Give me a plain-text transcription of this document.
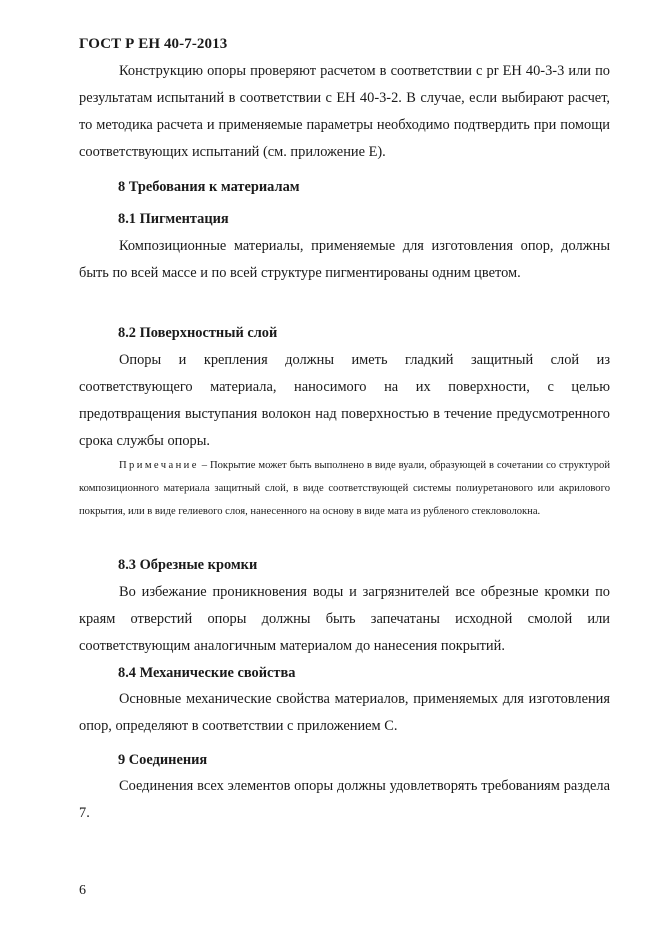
ГОСТ Р ЕН 40-7-2013

Конструкцию опоры проверяют расчетом в соответствии с pr ЕН 40-3-3 или по результатам испытаний в соответствии с ЕН 40-3-2. В случае, если выбирают расчет, то методика расчета и применяемые параметры необходимо подтвердить при помощи соответствующих испытаний (см. приложение Е).

8 Требования к материалам
8.1 Пигментация

Композиционные материалы, применяемые для изготовления опор, должны быть по всей массе и по всей структуре пигментированы одним цветом.

8.2 Поверхностный слой

Опоры и крепления должны иметь гладкий защитный слой из соответствующего материала, наносимого на их поверхности, с целью предотвращения выступания волокон над поверхностью в течение предусмотренного срока службы опоры.

Примечание – Покрытие может быть выполнено в виде вуали, образующей в сочетании со структурой композиционного материала защитный слой, в виде соответствующей системы полиуретанового или акрилового покрытия, или в виде гелиевого слоя, нанесенного на основу в виде мата из рубленого стекловолокна.

8.3 Обрезные кромки

Во избежание проникновения воды и загрязнителей все обрезные кромки по краям отверстий опоры должны быть запечатаны исходной смолой или соответствующим аналогичным материалом до нанесения покрытий.

8.4 Механические свойства

Основные механические свойства материалов, применяемых для изготовления опор, определяют в соответствии с приложением С.

9 Соединения

Соединения всех элементов опоры должны удовлетворять требованиям раздела 7.

6
